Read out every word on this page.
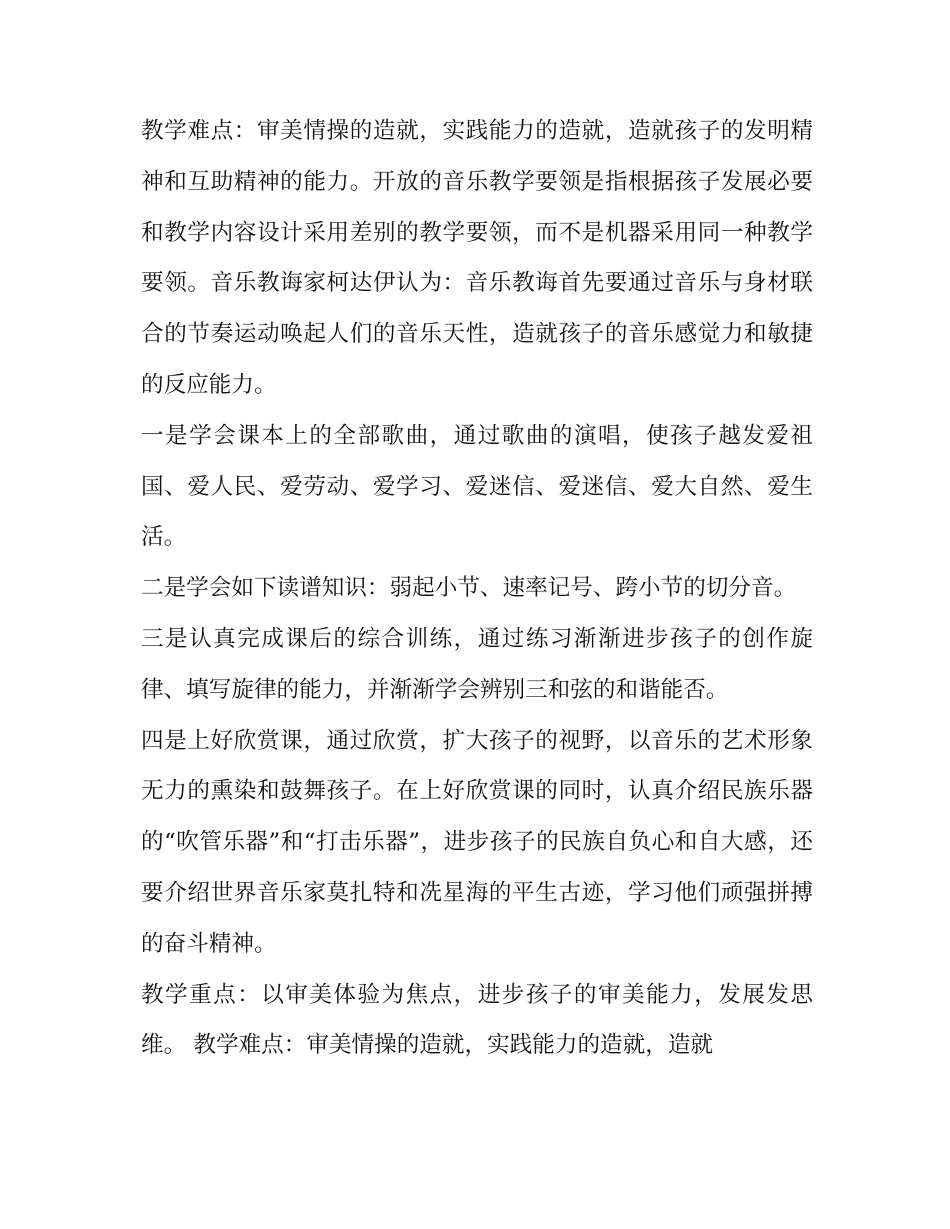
教学难点：审美情操的造就，实践能力的造就，造就孩子的发明精神和互助精神的能力。开放的音乐教学要领是指根据孩子发展必要和教学内容设计采用差别的教学要领，而不是机器采用同一种教学要领。音乐教诲家柯达伊认为：音乐教诲首先要通过音乐与身材联合的节奏运动唤起人们的音乐天性，造就孩子的音乐感觉力和敏捷的反应能力。

一是学会课本上的全部歌曲，通过歌曲的演唱，使孩子越发爱祖国、爱人民、爱劳动、爱学习、爱迷信、爱迷信、爱大自然、爱生活。

二是学会如下读谱知识：弱起小节、速率记号、跨小节的切分音。

三是认真完成课后的综合训练，通过练习渐渐进步孩子的创作旋律、填写旋律的能力，并渐渐学会辨别三和弦的和谐能否。

四是上好欣赏课，通过欣赏，扩大孩子的视野，以音乐的艺术形象无力的熏染和鼓舞孩子。在上好欣赏课的同时，认真介绍民族乐器的“吹管乐器”和“打击乐器”，进步孩子的民族自负心和自大感，还要介绍世界音乐家莫扎特和冼星海的平生古迹，学习他们顽强拼搏的奋斗精神。

教学重点：以审美体验为焦点，进步孩子的审美能力，发展发思维。 教学难点：审美情操的造就，实践能力的造就，造就
